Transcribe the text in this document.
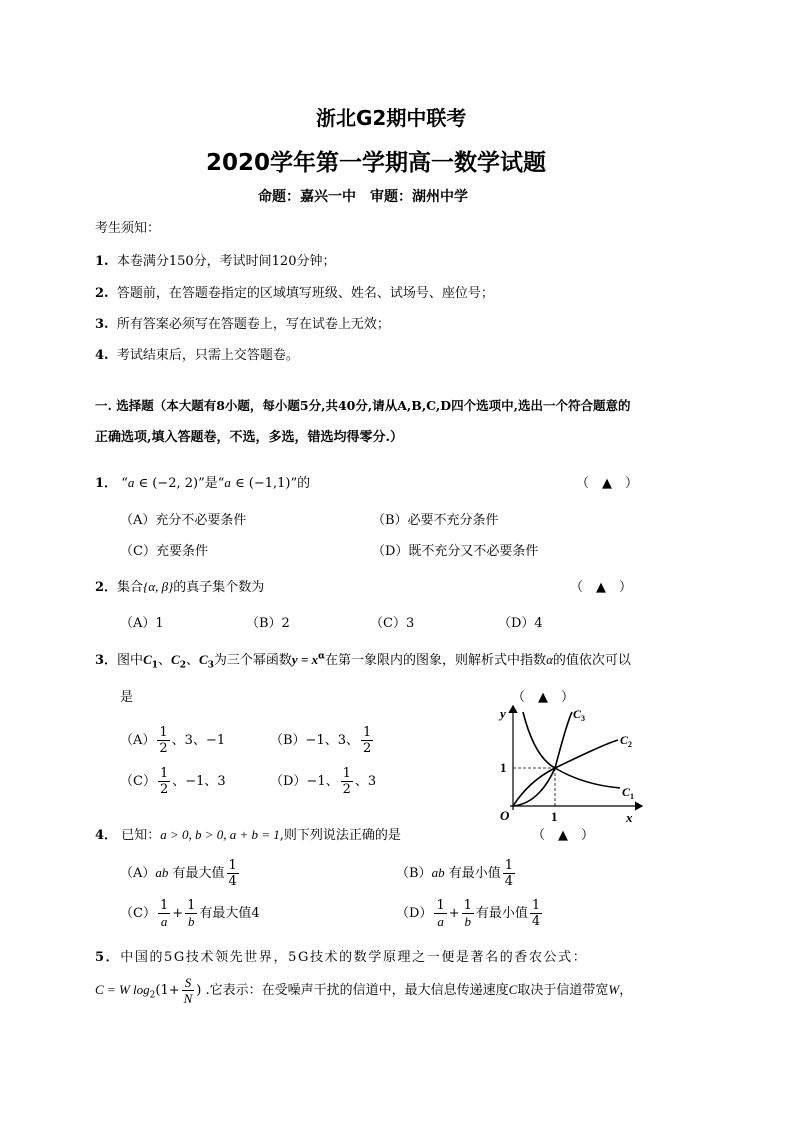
浙北G2期中联考
2020学年第一学期高一数学试题
命题：嘉兴一中　审题：湖州中学
考生须知：
1. 本卷满分150分，考试时间120分钟；
2. 答题前，在答题卷指定的区域填写班级、姓名、试场号、座位号；
3. 所有答案必须写在答题卷上，写在试卷上无效；
4. 考试结束后，只需上交答题卷。
一. 选择题（本大题有8小题，每小题5分,共40分,请从A,B,C,D四个选项中,选出一个符合题意的
正确选项,填入答题卷，不选，多选，错选均得零分.）
1． “a ∈ (−2, 2)”是“a ∈ (−1,1)”的	（　▲　）
（A）充分不必要条件	（B）必要不充分条件
（C）充要条件	（D）既不充分又不必要条件
2．集合{α, β}的真子集个数为	（　▲　）
（A）1	（B）2	（C）3	（D）4
3．图中$C_1$、$C_2$、$C_3$为三个幂函数$y = x^\alpha$在第一象限内的图象，则解析式中指数α的值依次可以
是	（　▲　）
$(A) \frac{1}{2}$ 、3、−1	（B）−1、3、 $\frac{1}{2}$
$(C) \frac{1}{2}$ 、−1、3	（D）−1、 $\frac{1}{2}$ 、3
y
x
O	1
1
$C_3$
$C_2$
$C_1$
4． 已知：a > 0, b > 0, a + b = 1,则下列说法正确的是	（　▲　）
（A）ab 有最大值 $\frac{1}{4}$	（B）ab 有最小值 $\frac{1}{4}$
$(C) \frac{1}{a} + \frac{1}{b}$ 有最大值4	$(D) \frac{1}{a} + \frac{1}{b}$ 有最小值 $\frac{1}{4}$
5．中国的5G技术领先世界，5G技术的数学原理之一便是著名的香农公式：
C = W $\log_2(1+ \frac{S}{N}$ ) .它表示：在受噪声干扰的信道中，最大信息传递速度C取决于信道带宽W，
